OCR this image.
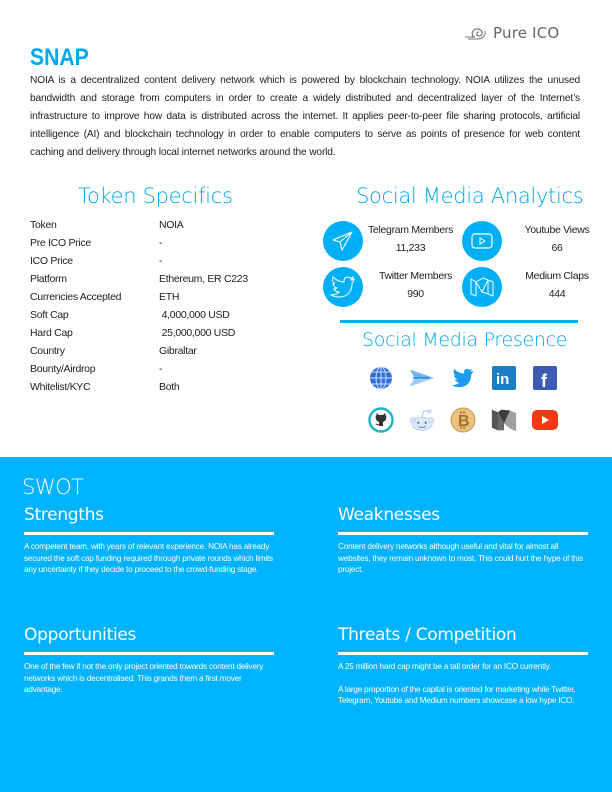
Pure ICO
SNAP

NOIA is a decentralized content delivery network which is powered by blockchain technology. NOIA utilizes the unused bandwidth and storage from computers in order to create a widely distributed and decentralized layer of the Internet’s infrastructure to improve how data is distributed across the internet. It applies peer-to-peer file sharing protocols, artificial intelligence (AI) and blockchain technology in order to enable computers to serve as points of presence for web content caching and delivery through local internet networks around the world.

Token Specifics
Token	NOIA
Pre ICO Price	-
ICO Price	-
Platform	Ethereum, ER C223
Currencies Accepted	ETH
Soft Cap	4,000,000 USD
Hard Cap	25,000,000 USD
Country	Gibraltar
Bounty/Airdrop	-
Whitelist/KYC	Both
Social Media Analytics
Telegram Members
11,233
Twitter Members
990
Youtube Views
66
Medium Claps
444
Social Media Presence
in f
B
SWOT
Strengths

A competent team, with years of relevant experience. NOIA has already secured the soft cap funding required through private rounds which limits any uncertainty if they decide to proceed to the crowd-funding stage.

Weaknesses

Content delivery networks although useful and vital for almost all websites, they remain unknown to most. This could hurt the hype of this project.

Opportunities

One of the few if not the only project oriented towards content delivery networks which is decentralised. This grands them a first mover advantage.

Threats / Competition

A 25 million hard cap might be a tall order for an ICO currently.

A large proportion of the capital is oriented for marketing while Twitter, Telegram, Youtube and Medium numbers showcase a low hype ICO.
